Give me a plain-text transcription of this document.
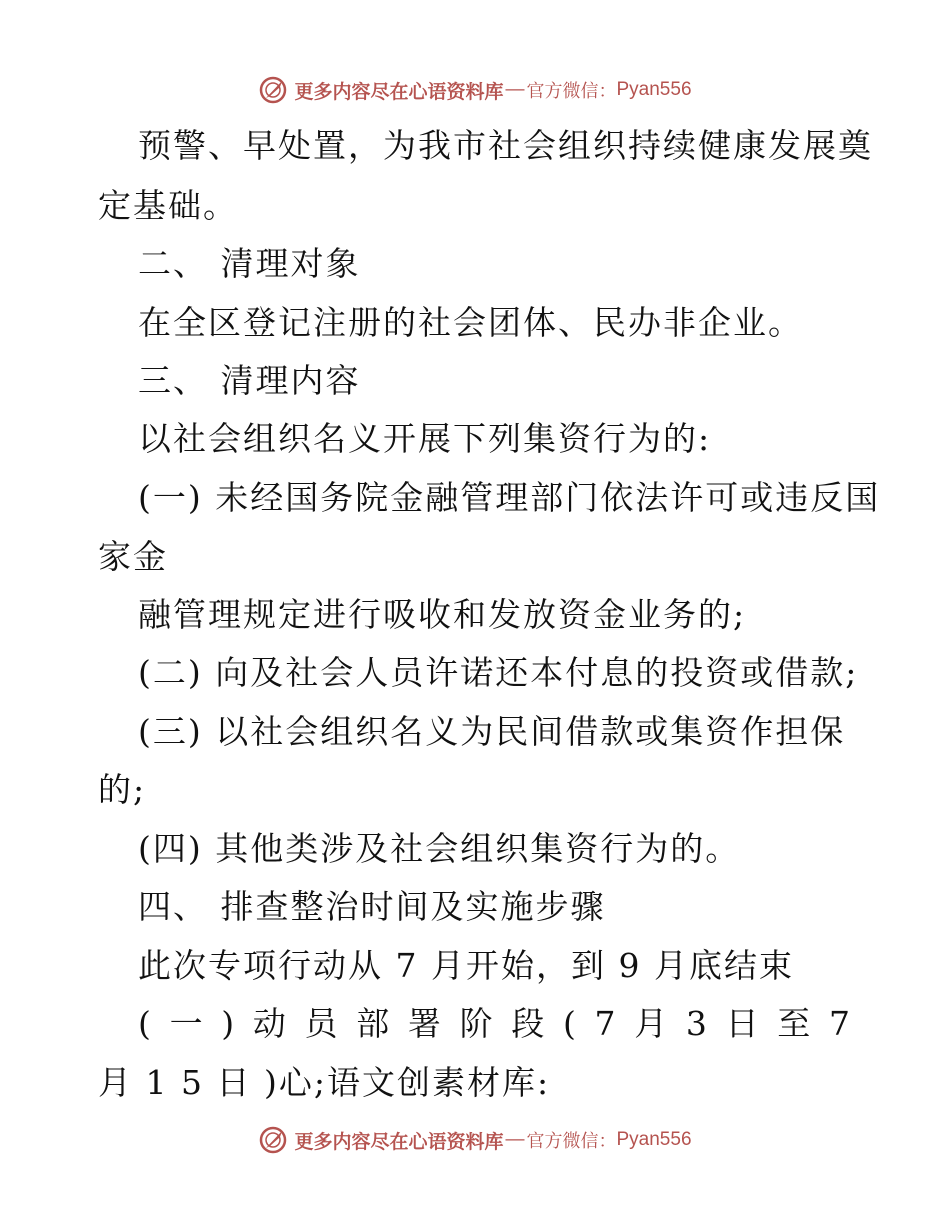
更多内容尽在心语资料库 — 官方微信： Pyan556
预警、早处置，为我市社会组织持续健康发展奠
定基础。
二、 清理对象
在全区登记注册的社会团体、民办非企业。
三、 清理内容
以社会组织名义开展下列集资行为的:
(一) 未经国务院金融管理部门依法许可或违反国
家金
融管理规定进行吸收和发放资金业务的;
(二) 向及社会人员许诺还本付息的投资或借款;
(三) 以社会组织名义为民间借款或集资作担保
的;
(四) 其他类涉及社会组织集资行为的。
四、 排查整治时间及实施步骤
此次专项行动从 7 月开始，到 9 月底结束
( 一 ) 动 员 部 署 阶 段 ( 7 月 3 日 至 7
月 1 5 日 )心;语文创素材库:
更多内容尽在心语资料库 — 官方微信： Pyan556
